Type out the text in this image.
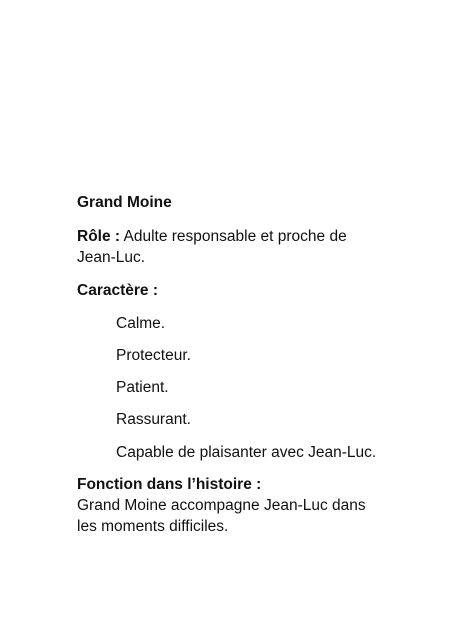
Grand Moine
Rôle : Adulte responsable et proche de
Jean-Luc.
Caractère :
Calme.
Protecteur.
Patient.
Rassurant.
Capable de plaisanter avec Jean-Luc.
Fonction dans l’histoire :
Grand Moine accompagne Jean-Luc dans
les moments difficiles.
